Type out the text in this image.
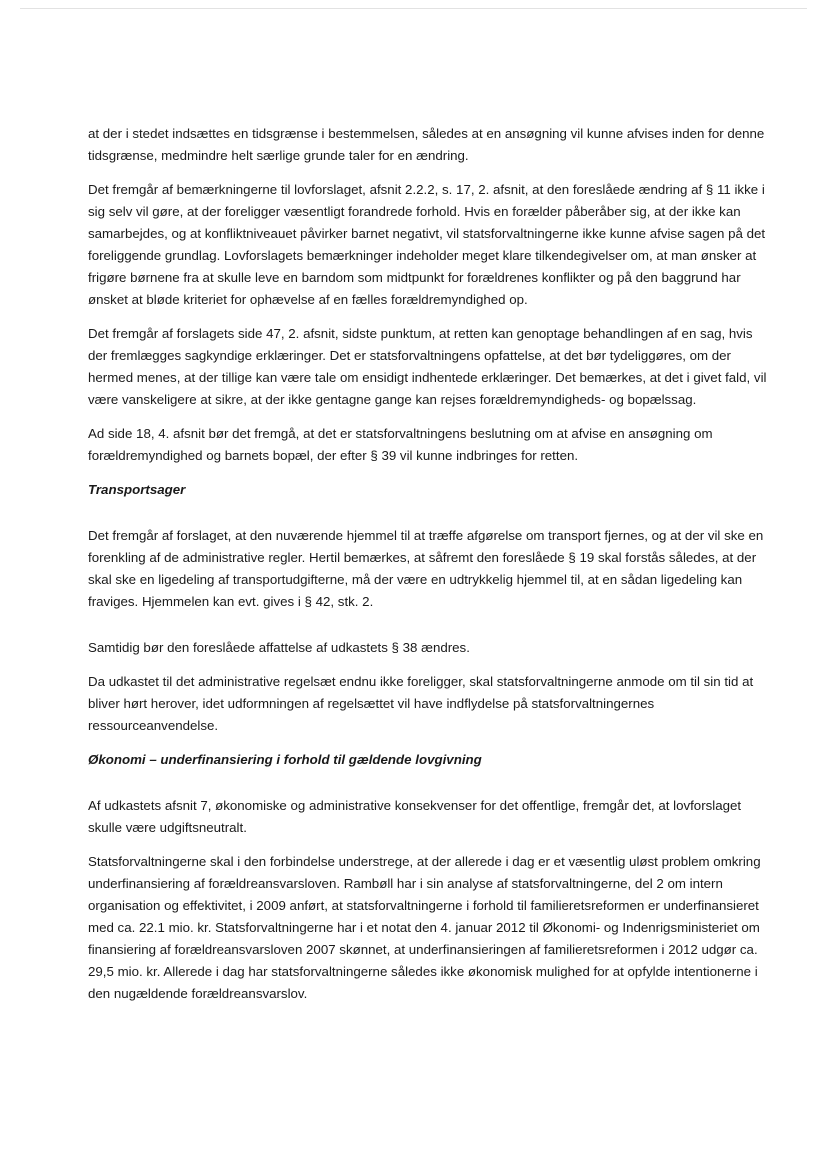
at der i stedet indsættes en tidsgrænse i bestemmelsen, således at en ansøgning vil kunne afvises inden for denne tidsgrænse, medmindre helt særlige grunde taler for en ændring.

Det fremgår af bemærkningerne til lovforslaget, afsnit 2.2.2, s. 17, 2. afsnit, at den foreslåede ændring af § 11 ikke i sig selv vil gøre, at der foreligger væsentligt forandrede forhold. Hvis en forælder påberåber sig, at der ikke kan samarbejdes, og at konfliktniveauet påvirker barnet negativt, vil statsforvaltningerne ikke kunne afvise sagen på det foreliggende grundlag. Lovforslagets bemærkninger indeholder meget klare tilkendegivelser om, at man ønsker at frigøre børnene fra at skulle leve en barndom som midtpunkt for forældrenes konflikter og på den baggrund har ønsket at bløde kriteriet for ophævelse af en fælles forældremyndighed op.

Det fremgår af forslagets side 47, 2. afsnit, sidste punktum, at retten kan genoptage behandlingen af en sag, hvis der fremlægges sagkyndige erklæringer. Det er statsforvaltningens opfattelse, at det bør tydeliggøres, om der hermed menes, at der tillige kan være tale om ensidigt indhentede erklæringer. Det bemærkes, at det i givet fald, vil være vanskeligere at sikre, at der ikke gentagne gange kan rejses forældremyndigheds- og bopælssag.

Ad side 18, 4. afsnit bør det fremgå, at det er statsforvaltningens beslutning om at afvise en ansøgning om forældremyndighed og barnets bopæl, der efter § 39 vil kunne indbringes for retten.

Transportsager

Det fremgår af forslaget, at den nuværende hjemmel til at træffe afgørelse om transport fjernes, og at der vil ske en forenkling af de administrative regler. Hertil bemærkes, at såfremt den foreslåede § 19 skal forstås således, at der skal ske en ligedeling af transportudgifterne, må der være en udtrykkelig hjemmel til, at en sådan ligedeling kan fraviges. Hjemmelen kan evt. gives i § 42, stk. 2.

Samtidig bør den foreslåede affattelse af udkastets § 38 ændres.

Da udkastet til det administrative regelsæt endnu ikke foreligger, skal statsforvaltningerne anmode om til sin tid at bliver hørt herover, idet udformningen af regelsættet vil have indflydelse på statsforvaltningernes ressourceanvendelse.

Økonomi – underfinansiering i forhold til gældende lovgivning

Af udkastets afsnit 7, økonomiske og administrative konsekvenser for det offentlige, fremgår det, at lovforslaget skulle være udgiftsneutralt.

Statsforvaltningerne skal i den forbindelse understrege, at der allerede i dag er et væsentlig uløst problem omkring underfinansiering af forældreansvarsloven. Rambøll har i sin analyse af statsforvaltningerne, del 2 om intern organisation og effektivitet, i 2009 anført, at statsforvaltningerne i forhold til familieretsreformen er underfinansieret med ca. 22.1 mio. kr. Statsforvaltningerne har i et notat den 4. januar 2012 til Økonomi- og Indenrigsministeriet om finansiering af forældreansvarsloven 2007 skønnet, at underfinansieringen af familieretsreformen i 2012 udgør ca. 29,5 mio. kr. Allerede i dag har statsforvaltningerne således ikke økonomisk mulighed for at opfylde intentionerne i den nugældende forældreansvarslov.
